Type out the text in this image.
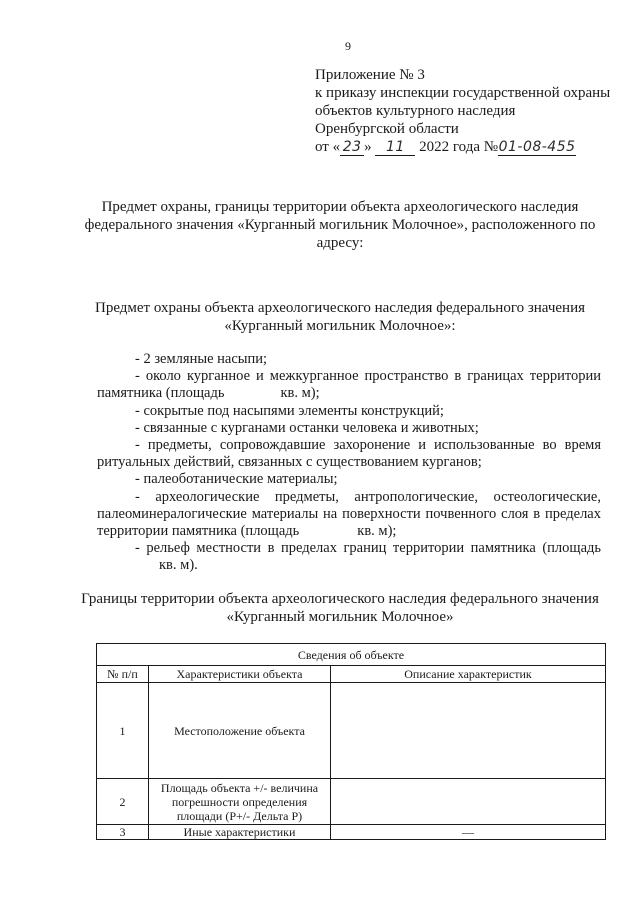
9
Приложение № 3
к приказу инспекции государственной охраны
объектов культурного наследия
Оренбургской области
от « 23 » 11 2022 года №01-08-455
Предмет охраны, границы территории объекта археологического наследия федерального значения «Курганный могильник Молочное», расположенного по адресу:
Предмет охраны объекта археологического наследия федерального значения «Курганный могильник Молочное»:
- 2 земляные насыпи;
- около курганное и межкурганное пространство в границах территории памятника (площадь	кв. м);
- сокрытые под насыпями элементы конструкций;
- связанные с курганами останки человека и животных;
- предметы, сопровождавшие захоронение и использованные во время ритуальных действий, связанных с существованием курганов;
- палеоботанические материалы;
- археологические предметы, антропологические, остеологические, палеоминералогические материалы на поверхности почвенного слоя в пределах территории памятника (площадь	кв. м);
- рельеф местности в пределах границ территории памятника (площадькв. м).
Границы территории объекта археологического наследия федерального значения «Курганный могильник Молочное»
Сведения об объекте		
№ п/п	Характеристики объекта	Описание характеристик
1	Местоположение объекта	
2	Площадь объекта +/- величина погрешности определения площади (Р+/- Дельта Р)	
3	Иные характеристики	—
